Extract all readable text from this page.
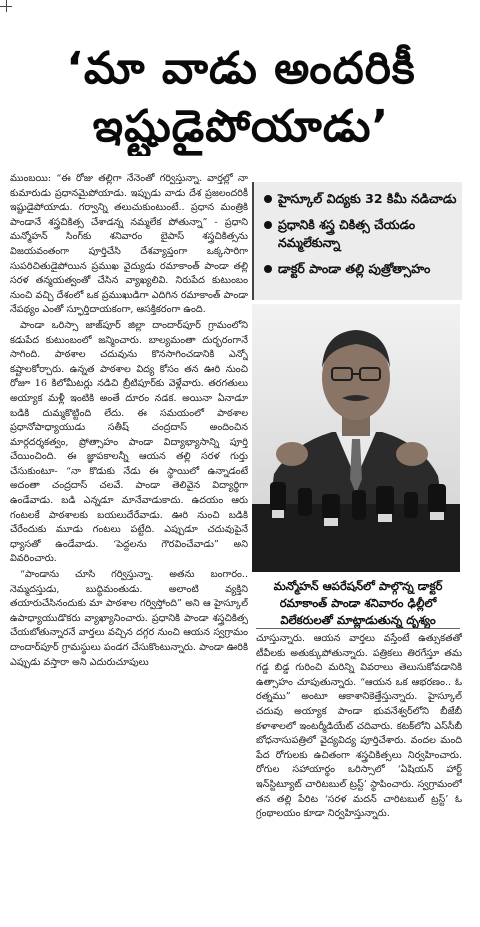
‘మా వాడు అందరికీ
ఇష్టుడైపోయాడు’

ముంబయి: “ఈ రోజు తల్లిగా నేనెంతో గర్విస్తున్నా. వార్తల్లో నా కుమారుడు ప్రధానమైపోయాడు. ఇప్పుడు వాడు దేశ ప్రజలందరికీ ఇష్టుడైపోయాడు. గర్వాన్ని తలుచుకుంటుంటే.. ప్రధాన మంత్రికి పాండానే శస్త్రచికిత్స చేశాడన్న నమ్మలేక పోతున్నా” - ప్రధాని మన్మోహన్ సింగ్‌కు శనివారం బైపాస్ శస్త్రచికిత్సను విజయవంతంగా పూర్తిచేసి దేశవ్యాప్తంగా ఒక్కసారిగా సుపరిచితుడైపోయిన ప్రముఖ వైద్యుడు రమాకాంత్ పాండా తల్లి సరళ తన్మయత్వంతో చేసిన వ్యాఖ్యలివి. నిరుపేద కుటుంబం నుంచి వచ్చి దేశంలో ఒక ప్రముఖుడిగా ఎదిగిన రమాకాంత్ పాండా నేపథ్యం ఎంతో స్ఫూర్తిదాయకంగా, ఆసక్తికరంగా ఉంది.

పాండా ఒరిస్సా జాజ్‌పూర్ జిల్లా దాందార్‌పూర్ గ్రామంలోని కడుపేద కుటుంబంలో జన్మించారు. బాల్యమంతా దుర్భరంగానే సాగింది. పాఠశాల చదువును కొనసాగించడానికి ఎన్నో కష్టాలకోర్చారు. ఉన్నత పాఠశాల విద్య కోసం తన ఊరి నుంచి రోజూ 16 కిలోమీటర్లు నడిచి బ్రీటిపూర్‌కు వెళ్లేవారు. తరగతులు అయ్యాక మళ్లీ ఇంటికి అంతే దూరం నడక. అయినా ఏనాడూ బడికి దుమ్మకొట్టింది లేదు. ఈ సమయంలో పాఠశాల ప్రధానోపాధ్యాయుడు సతీష్ చంద్రదాస్ అందించిన మార్గదర్శకత్వం, ప్రోత్సాహం పాండా విద్యాభ్యాసాన్ని పూర్తి చేయించింది. ఈ జ్ఞాపకాలన్నీ ఆయన తల్లి సరళ గుర్తు చేసుకుంటూ- “నా కొడుకు నేడు ఈ స్థాయిలో ఉన్నాడంటే అదంతా చంద్రదాస్ చలవే. పాండా తెలివైన విద్యార్థిగా ఉండేవాడు. బడి ఎన్నడూ మానేవాడుకాదు. ఉదయం ఆరు గంటలకే పాఠశాలకు బయలుదేరేవాడు. ఊరి నుంచి బడికి చేరేందుకు మూడు గంటలు పట్టేది. ఎప్పుడూ చదువుపైనే ధ్యాసతో ఉండేవాడు. ‘పెద్దలను గౌరవించేవాడు” అని వివరించారు.

“పాండాను చూసి గర్విస్తున్నా. అతను బంగారం.. నెమ్మదస్తుడు, బుద్ధిమంతుడు. అలాంటి వ్యక్తిని తయారుచేసినందుకు మా పాఠశాల గర్విస్తోంది” అని ఆ హైస్కూల్ ఉపాధ్యాయుడొకరు వ్యాఖ్యానించారు. ప్రధానికి పాండా శస్త్రచికిత్స చేయబోతున్నారనే వార్తలు వచ్చిన దగ్గర నుంచి ఆయన స్వగ్రామం దాందార్‌పూర్ గ్రామస్థులు పండగ చేసుకొంటున్నారు. పాండా ఊరికి ఎప్పుడు వస్తారా అని ఎదురుచూపులు

హైస్కూల్ విద్యకు 32 కిమీ నడిచాడు
ప్రధానికి శస్త్ర చికిత్స చేయడం నమ్మలేకున్నా
డాక్టర్ పాండా తల్లి పుత్రోత్సాహం
మన్మోహన్ ఆపరేషన్‌లో పాల్గొన్న డాక్టర్ రమాకాంత్ పాండా శనివారం ఢిల్లీలో విలేకరులతో మాట్లాడుతున్న దృశ్యం

చూస్తున్నారు. ఆయన వార్తలు వస్తేంటే ఉత్సుకతతో టీవీలకు అతుక్కుపోతున్నారు. పత్రికలు తిరగేస్తూ తమ గడ్డ బిడ్డ గురించి మరిన్ని వివరాలు తెలుసుకోవడానికి ఉత్సాహం చూపుతున్నారు. “ఆయన ఒక ఆభరణం.. ఓ రత్నము” అంటూ ఆకాశానికెత్తేస్తున్నారు. హైస్కూల్ చదువు అయ్యాక పాండా భువనేశ్వర్‌లోని బీజేబీ కళాశాలలో ఇంటర్మీడియేట్ చదివారు. కటక్‌లోని ఎస్‌సీబీ బోధనాసుపత్రిలో వైద్యవిద్య పూర్తిచేశారు. వందల మంది పేద రోగులకు ఉచితంగా శస్త్రచికిత్సలు నిర్వహించారు. రోగుల సహాయార్థం ఒరిస్సాలో ‘ఏషియన్ హార్ట్ ఇన్‌స్టిట్యూట్ చారిటబుల్ ట్రస్ట్’ స్థాపించారు. స్వగ్రామంలో తన తల్లి పేరిట ‘సరళ మదన్ చారిటబుల్ ట్రస్ట్’ ఓ గ్రంథాలయం కూడా నిర్వహిస్తున్నారు.
